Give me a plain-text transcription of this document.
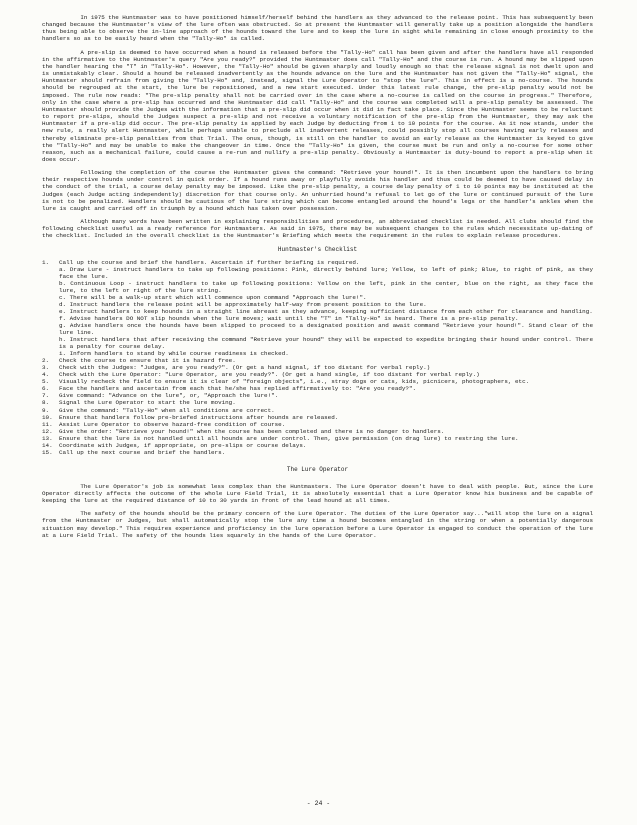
In 1975 the Huntmaster was to have positioned himself/herself behind the handlers as they advanced to the release point. This has subsequently been changed because the Huntmaster's view of the lure often was obstructed. So at present the Huntmaster will generally take up a position alongside the handlers thus being able to observe the in-line approach of the hounds toward the lure and to keep the lure in sight while remaining in close enough proximity to the handlers so as to be easily heard when the "Tally-Ho" is called.

A pre-slip is deemed to have occurred when a hound is released before the "Tally-Ho" call has been given and after the handlers have all responded in the affirmative to the Huntmaster's query "Are you ready?" provided the Huntmaster does call "Tally-Ho" and the course is run. A hound may be slipped upon the handler hearing the "T" in "Tally-Ho". However, the "Tally-Ho" should be given sharply and loudly enough so that the release signal is not dwelt upon and is unmistakably clear. Should a hound be released inadvertently as the hounds advance on the lure and the Huntmaster has not given the "Tally-Ho" signal, the Huntmaster should refrain from giving the "Tally-Ho" and, instead, signal the Lure Operator to "stop the lure". This in effect is a no-course. The hounds should be regrouped at the start, the lure be repositioned, and a new start executed. Under this latest rule change, the pre-slip penalty would not be imposed. The rule now reads: "The pre-slip penalty shall not be carried over in the case where a no-course is called on the course in progress." Therefore, only in the case where a pre-slip has occurred and the Huntmaster did call "Tally-Ho" and the course was completed will a pre-slip penalty be assessed. The Huntmaster should provide the Judges with the information that a pre-slip did occur when it did in fact take place. Since the Huntmaster seems to be reluctant to report pre-slips, should the Judges suspect a pre-slip and not receive a voluntary notification of the pre-slip from the Huntmaster, they may ask the Huntmaster if a pre-slip did occur. The pre-slip penalty is applied by each Judge by deducting from 1 to 10 points for the course. As it now stands, under the new rule, a really alert Huntmaster, while perhaps unable to preclude all inadvertent releases, could possibly stop all courses having early releases and thereby eliminate pre-slip penalties from that Trial. The onus, though, is still on the handler to avoid an early release as the Huntmaster is keyed to give the "Tally-Ho" and may be unable to make the changeover in time. Once the "Tally-Ho" is given, the course must be run and only a no-course for some other reason, such as a mechanical failure, could cause a re-run and nullify a pre-slip penalty. Obviously a Huntmaster is duty-bound to report a pre-slip when it does occur.

Following the completion of the course the Huntmaster gives the command: "Retrieve your hound!". It is then incumbent upon the handlers to bring their respective hounds under control in quick order. If a hound runs away or playfully avoids his handler and thus could be deemed to have caused delay in the conduct of the trial, a course delay penalty may be imposed. Like the pre-slip penalty, a course delay penalty of 1 to 10 points may be instituted at the Judges (each Judge acting independently) discretion for that course only. An unhurried hound's refusal to let go of the lure or continued pursuit of the lure is not to be penalized. Handlers should be cautious of the lure string which can become entangled around the hound's legs or the handler's ankles when the lure is caught and carried off in triumph by a hound which has taken over possession.

Although many words have been written in explaining responsibilities and procedures, an abbreviated checklist is needed. All clubs should find the following checklist useful as a ready reference for Huntmasters. As said in 1975, there may be subsequent changes to the rules which necessitate up-dating of the checklist. Included in the overall checklist is the Huntmaster's Briefing which meets the requirement in the rules to explain release procedures.

Huntmaster's Checklist
1.	Call up the course and brief the handlers. Ascertain if further briefing is required.
a. Draw Lure - instruct handlers to take up following positions: Pink, directly behind lure; Yellow, to left of pink; Blue, to right of pink, as they face the lure.
b. Continuous Loop - instruct handlers to take up following positions: Yellow on the left, pink in the center, blue on the right, as they face the lure, to the left or right of the lure string.
c. There will be a walk-up start which will commence upon command "Approach the lure!".
d. Instruct handlers the release point will be approximately half-way from present position to the lure.
e. Instruct handlers to keep hounds in a straight line abreast as they advance, keeping sufficient distance from each other for clearance and handling.
f. Advise handlers DO NOT slip hounds when the lure moves; wait until the "T" in "Tally-Ho" is heard. There is a pre-slip penalty.
g. Advise handlers once the hounds have been slipped to proceed to a designated position and await command "Retrieve your hound!". Stand clear of the lure line.
h. Instruct handlers that after receiving the command "Retrieve your hound" they will be expected to expedite bringing their hound under control. There is a penalty for course delay.
i. Inform handlers to stand by while course readiness is checked.
2.	Check the course to ensure that it is hazard free.
3.	Check with the Judges: "Judges, are you ready?". (Or get a hand signal, if too distant for verbal reply.)
4.	Check with the Lure Operator: "Lure Operator, are you ready?". (Or get a hand single, if too distant for verbal reply.)
5.	Visually recheck the field to ensure it is clear of "foreign objects", i.e., stray dogs or cats, kids, picnicers, photographers, etc.
6.	Face the handlers and ascertain from each that he/she has replied affirmatively to: "Are you ready?".
7.	Give command: "Advance on the lure", or, "Approach the lure!".
8.	Signal the Lure Operator to start the lure moving.
9.	Give the command: "Tally-Ho" when all conditions are correct.
10.	Ensure that handlers follow pre-briefed instructions after hounds are released.
11.	Assist Lure Operator to observe hazard-free condition of course.
12.	Give the order: "Retrieve your hound!" when the course has been completed and there is no danger to handlers.
13.	Ensure that the lure is not handled until all hounds are under control. Then, give permission (on drag lure) to restring the lure.
14.	Coordinate with Judges, if appropriate, on pre-slips or course delays.
15.	Call up the next course and brief the handlers.
The Lure Operator

The Lure Operator's job is somewhat less complex than the Huntmasters. The Lure Operator doesn't have to deal with people. But, since the Lure Operator directly affects the outcome of the whole Lure Field Trial, it is absolutely essential that a Lure Operator know his business and be capable of keeping the lure at the required distance of 10 to 30 yards in front of the lead hound at all times.

The safety of the hounds should be the primary concern of the Lure Operator. The duties of the Lure Operator say..."will stop the lure on a signal from the Huntmaster or Judges, but shall automatically stop the lure any time a hound becomes entangled in the string or when a potentially dangerous situation may develop." This requires experience and proficiency in the lure operation before a Lure Operator is engaged to conduct the operation of the lure at a Lure Field Trial. The safety of the hounds lies squarely in the hands of the Lure Operator.

- 24 -
